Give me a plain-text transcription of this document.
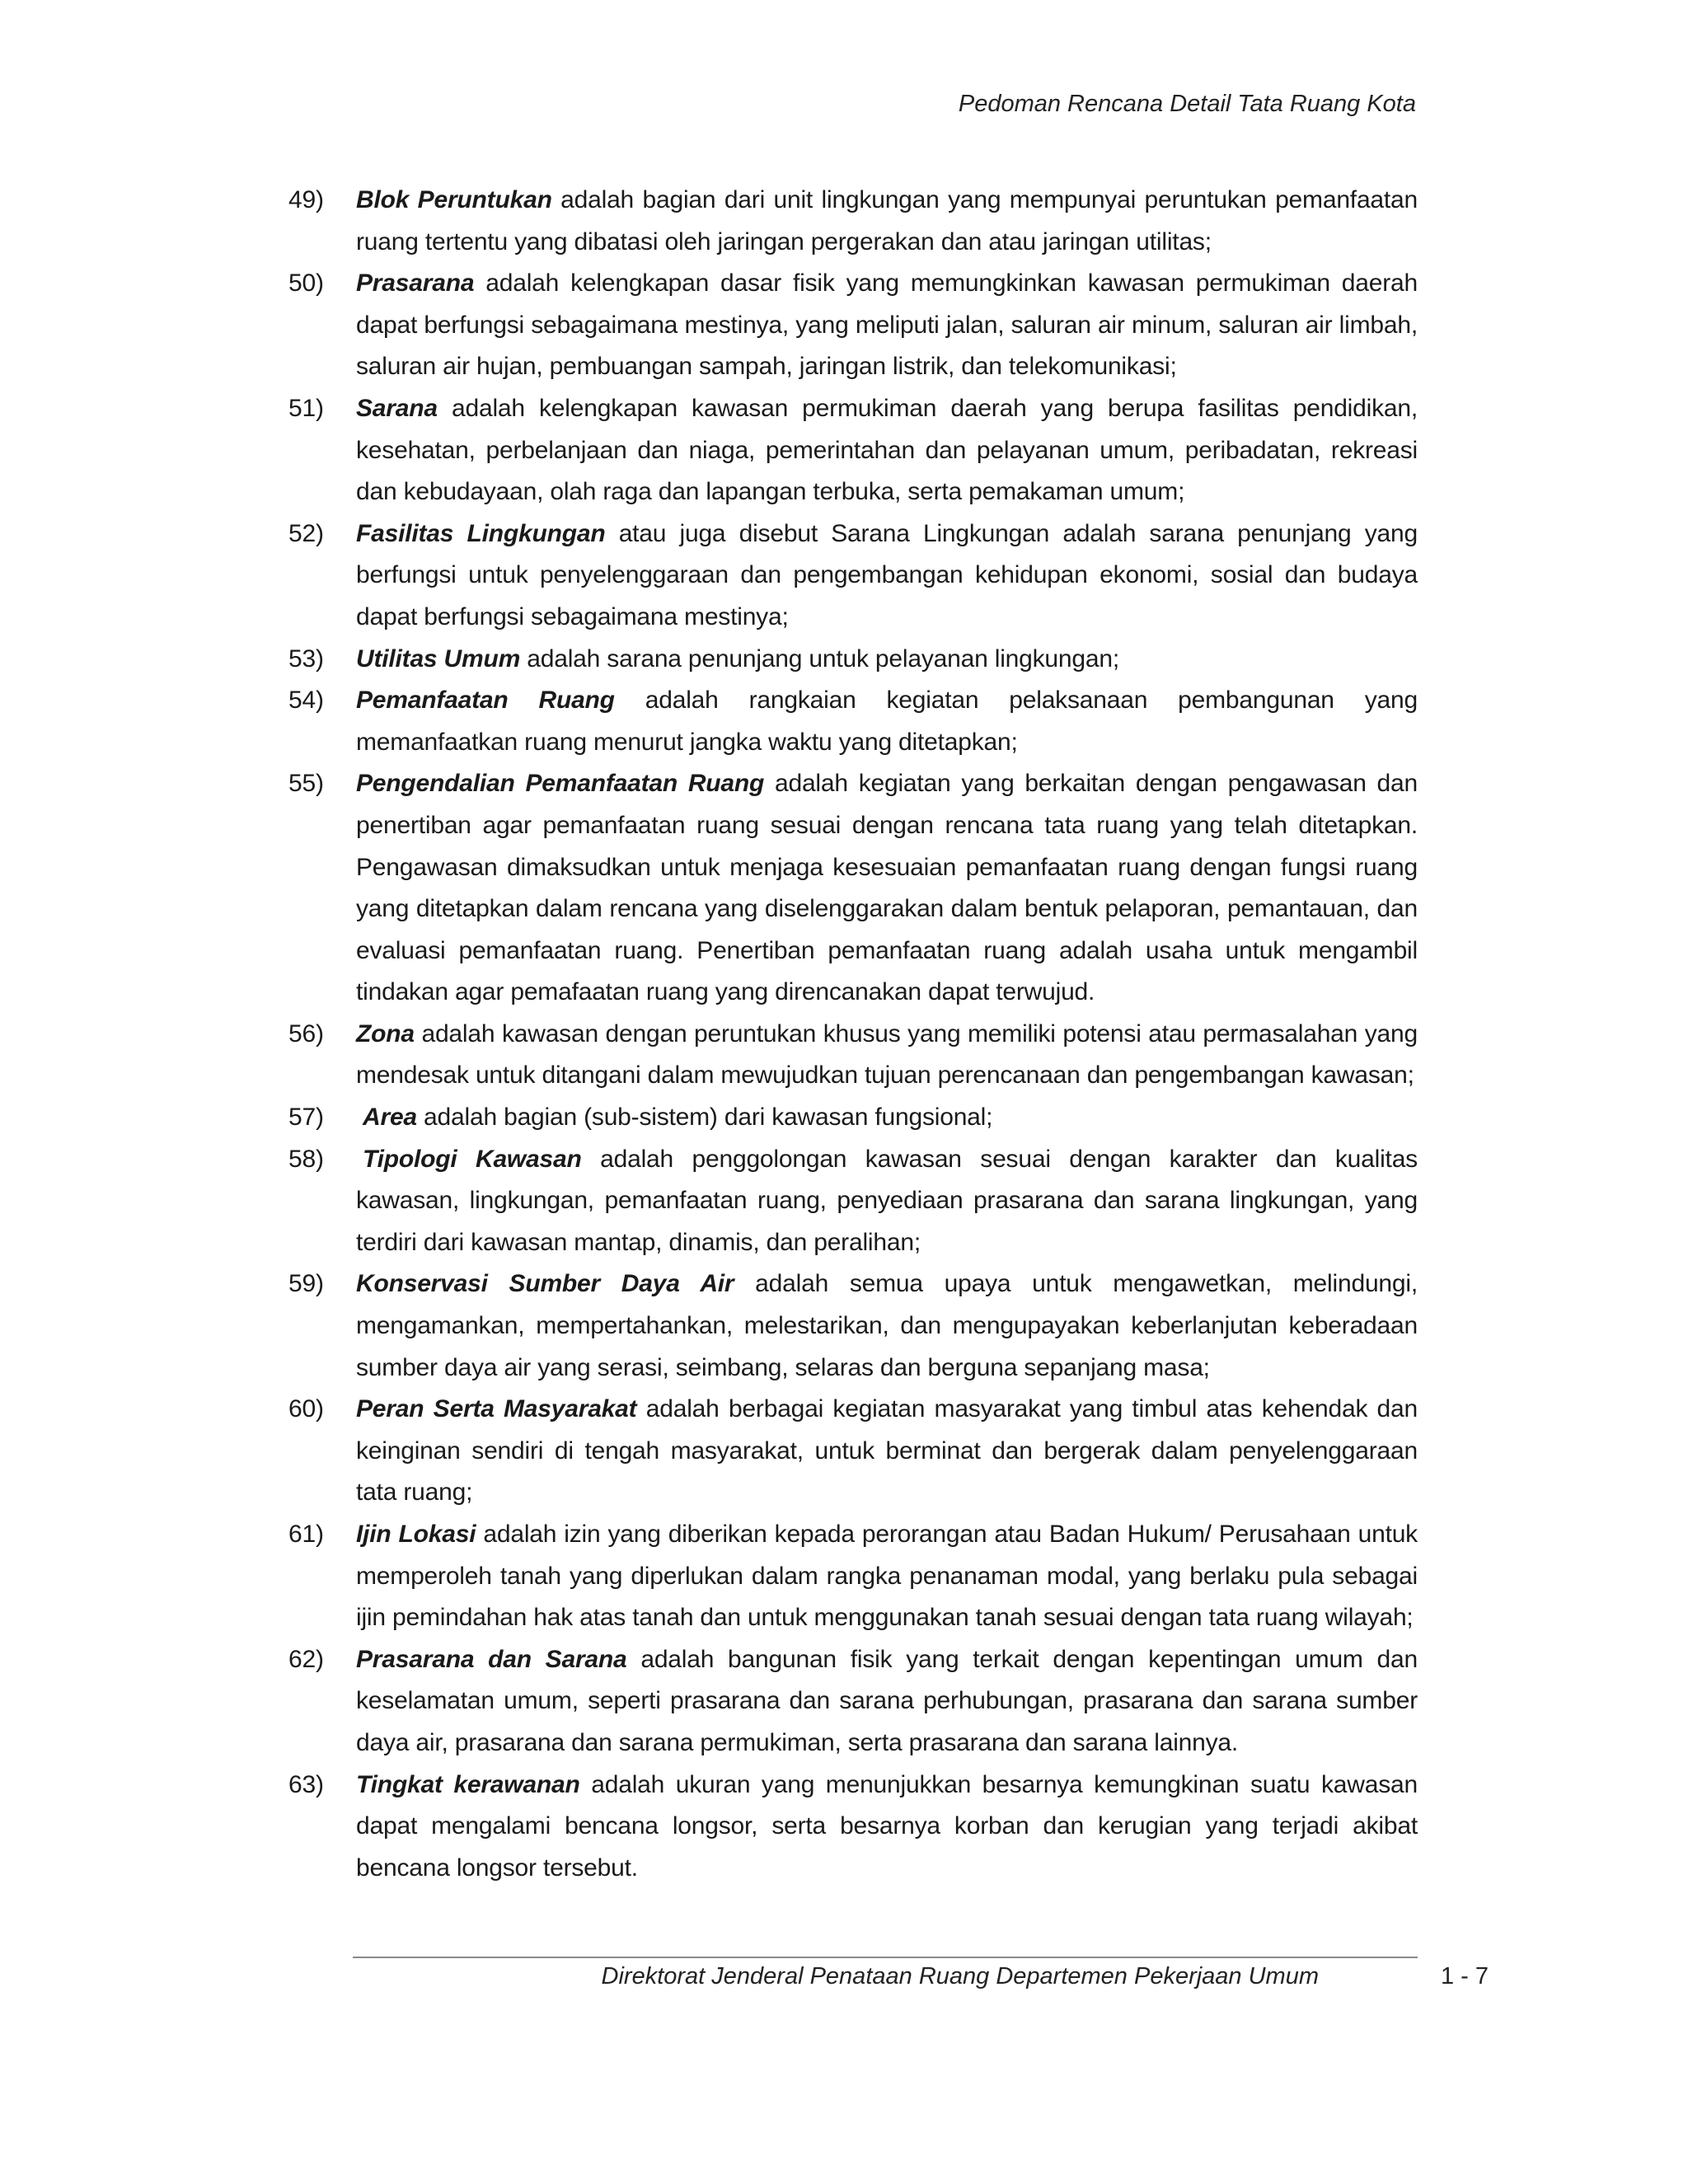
Pedoman Rencana Detail Tata Ruang Kota
49)	Blok Peruntukan adalah bagian dari unit lingkungan yang mempunyai peruntukan pemanfaatan ruang tertentu yang dibatasi oleh jaringan pergerakan dan atau jaringan utilitas;
50)	Prasarana adalah kelengkapan dasar fisik yang memungkinkan kawasan permukiman daerah dapat berfungsi sebagaimana mestinya, yang meliputi jalan, saluran air minum, saluran air limbah, saluran air hujan, pembuangan sampah, jaringan listrik, dan telekomunikasi;
51)	Sarana adalah kelengkapan kawasan permukiman daerah yang berupa fasilitas pendidikan, kesehatan, perbelanjaan dan niaga, pemerintahan dan pelayanan umum, peribadatan, rekreasi dan kebudayaan, olah raga dan lapangan terbuka, serta pemakaman umum;
52)	Fasilitas Lingkungan atau juga disebut Sarana Lingkungan adalah sarana penunjang yang berfungsi untuk penyelenggaraan dan pengembangan kehidupan ekonomi, sosial dan budaya dapat berfungsi sebagaimana mestinya;
53)	Utilitas Umum adalah sarana penunjang untuk pelayanan lingkungan;
54)	Pemanfaatan Ruang adalah rangkaian kegiatan pelaksanaan pembangunan yang memanfaatkan ruang menurut jangka waktu yang ditetapkan;
55)	Pengendalian Pemanfaatan Ruang adalah kegiatan yang berkaitan dengan pengawasan dan penertiban agar pemanfaatan ruang sesuai dengan rencana tata ruang yang telah ditetapkan. Pengawasan dimaksudkan untuk menjaga kesesuaian pemanfaatan ruang dengan fungsi ruang yang ditetapkan dalam rencana yang diselenggarakan dalam bentuk pelaporan, pemantauan, dan evaluasi pemanfaatan ruang. Penertiban pemanfaatan ruang adalah usaha untuk mengambil tindakan agar pemafaatan ruang yang direncanakan dapat terwujud.
56)	Zona adalah kawasan dengan peruntukan khusus yang memiliki potensi atau permasalahan yang mendesak untuk ditangani dalam mewujudkan tujuan perencanaan dan pengembangan kawasan;
57)	Area adalah bagian (sub-sistem) dari kawasan fungsional;
58)	Tipologi Kawasan adalah penggolongan kawasan sesuai dengan karakter dan kualitas kawasan, lingkungan, pemanfaatan ruang, penyediaan prasarana dan sarana lingkungan, yang terdiri dari kawasan mantap, dinamis, dan peralihan;
59)	Konservasi Sumber Daya Air adalah semua upaya untuk mengawetkan, melindungi, mengamankan, mempertahankan, melestarikan, dan mengupayakan keberlanjutan keberadaan sumber daya air yang serasi, seimbang, selaras dan berguna sepanjang masa;
60)	Peran Serta Masyarakat adalah berbagai kegiatan masyarakat yang timbul atas kehendak dan keinginan sendiri di tengah masyarakat, untuk berminat dan bergerak dalam penyelenggaraan tata ruang;
61)	Ijin Lokasi adalah izin yang diberikan kepada perorangan atau Badan Hukum/ Perusahaan untuk memperoleh tanah yang diperlukan dalam rangka penanaman modal, yang berlaku pula sebagai ijin pemindahan hak atas tanah dan untuk menggunakan tanah sesuai dengan tata ruang wilayah;
62)	Prasarana dan Sarana adalah bangunan fisik yang terkait dengan kepentingan umum dan keselamatan umum, seperti prasarana dan sarana perhubungan, prasarana dan sarana sumber daya air, prasarana dan sarana permukiman, serta prasarana dan sarana lainnya.
63)	Tingkat kerawanan adalah ukuran yang menunjukkan besarnya kemungkinan suatu kawasan dapat mengalami bencana longsor, serta besarnya korban dan kerugian yang terjadi akibat bencana longsor tersebut.
Direktorat Jenderal Penataan Ruang Departemen Pekerjaan Umum	1 - 7
